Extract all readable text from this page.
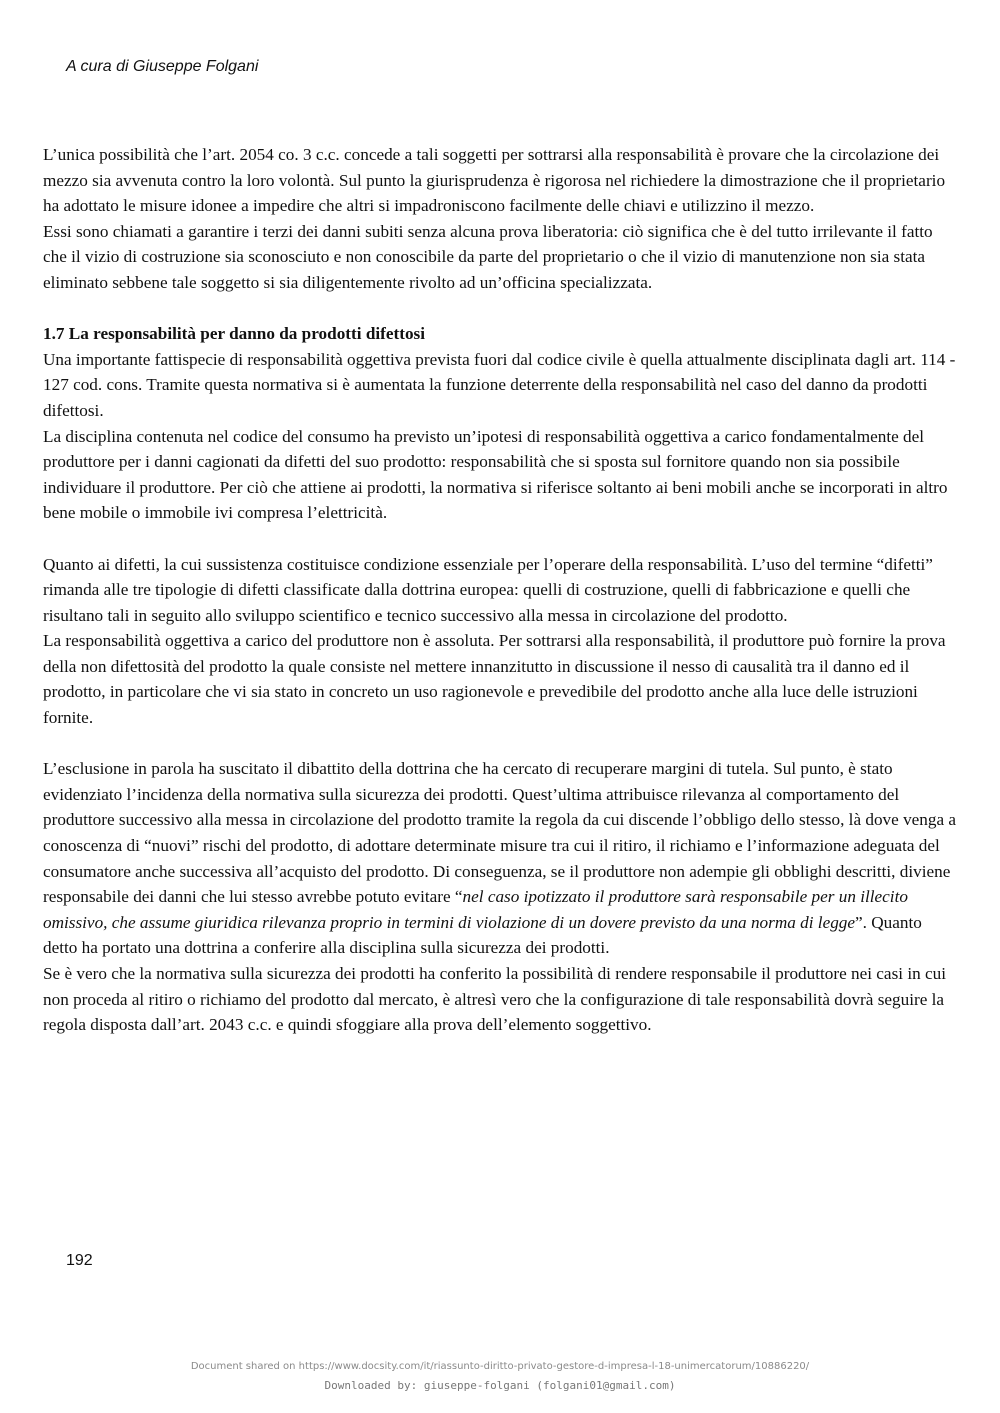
A cura di Giuseppe Folgani

L’unica possibilità che l’art. 2054 co. 3 c.c. concede a tali soggetti per sottrarsi alla responsabilità è provare che la circolazione dei mezzo sia avvenuta contro la loro volontà. Sul punto la giurisprudenza è rigorosa nel richiedere la dimostrazione che il proprietario ha adottato le misure idonee a impedire che altri si impadroniscono facilmente delle chiavi e utilizzino il mezzo.

Essi sono chiamati a garantire i terzi dei danni subiti senza alcuna prova liberatoria: ciò significa che è del tutto irrilevante il fatto che il vizio di costruzione sia sconosciuto e non conoscibile da parte del proprietario o che il vizio di manutenzione non sia stata eliminato sebbene tale soggetto si sia diligentemente rivolto ad un’officina specializzata.

1.7 La responsabilità per danno da prodotti difettosi

Una importante fattispecie di responsabilità oggettiva prevista fuori dal codice civile è quella attualmente disciplinata dagli art. 114 - 127 cod. cons. Tramite questa normativa si è aumentata la funzione deterrente della responsabilità nel caso del danno da prodotti difettosi.

La disciplina contenuta nel codice del consumo ha previsto un’ipotesi di responsabilità oggettiva a carico fondamentalmente del produttore per i danni cagionati da difetti del suo prodotto: responsabilità che si sposta sul fornitore quando non sia possibile individuare il produttore. Per ciò che attiene ai prodotti, la normativa si riferisce soltanto ai beni mobili anche se incorporati in altro bene mobile o immobile ivi compresa l’elettricità.

Quanto ai difetti, la cui sussistenza costituisce condizione essenziale per l’operare della responsabilità. L’uso del termine “difetti” rimanda alle tre tipologie di difetti classificate dalla dottrina europea: quelli di costruzione, quelli di fabbricazione e quelli che risultano tali in seguito allo sviluppo scientifico e tecnico successivo alla messa in circolazione del prodotto.

La responsabilità oggettiva a carico del produttore non è assoluta. Per sottrarsi alla responsabilità, il produttore può fornire la prova della non difettosità del prodotto la quale consiste nel mettere innanzitutto in discussione il nesso di causalità tra il danno ed il prodotto, in particolare che vi sia stato in concreto un uso ragionevole e prevedibile del prodotto anche alla luce delle istruzioni fornite.

L’esclusione in parola ha suscitato il dibattito della dottrina che ha cercato di recuperare margini di tutela. Sul punto, è stato evidenziato l’incidenza della normativa sulla sicurezza dei prodotti. Quest’ultima attribuisce rilevanza al comportamento del produttore successivo alla messa in circolazione del prodotto tramite la regola da cui discende l’obbligo dello stesso, là dove venga a conoscenza di “nuovi” rischi del prodotto, di adottare determinate misure tra cui il ritiro, il richiamo e l’informazione adeguata del consumatore anche successiva all’acquisto del prodotto. Di conseguenza, se il produttore non adempie gli obblighi descritti, diviene responsabile dei danni che lui stesso avrebbe potuto evitare “nel caso ipotizzato il produttore sarà responsabile per un illecito omissivo, che assume giuridica rilevanza proprio in termini di violazione di un dovere previsto da una norma di legge”. Quanto detto ha portato una dottrina a conferire alla disciplina sulla sicurezza dei prodotti.

Se è vero che la normativa sulla sicurezza dei prodotti ha conferito la possibilità di rendere responsabile il produttore nei casi in cui non proceda al ritiro o richiamo del prodotto dal mercato, è altresì vero che la configurazione di tale responsabilità dovrà seguire la regola disposta dall’art. 2043 c.c. e quindi sfoggiare alla prova dell’elemento soggettivo.

192
Document shared on https://www.docsity.com/it/riassunto-diritto-privato-gestore-d-impresa-l-18-unimercatorum/10886220/
Downloaded by: giuseppe-folgani (folgani01@gmail.com)
